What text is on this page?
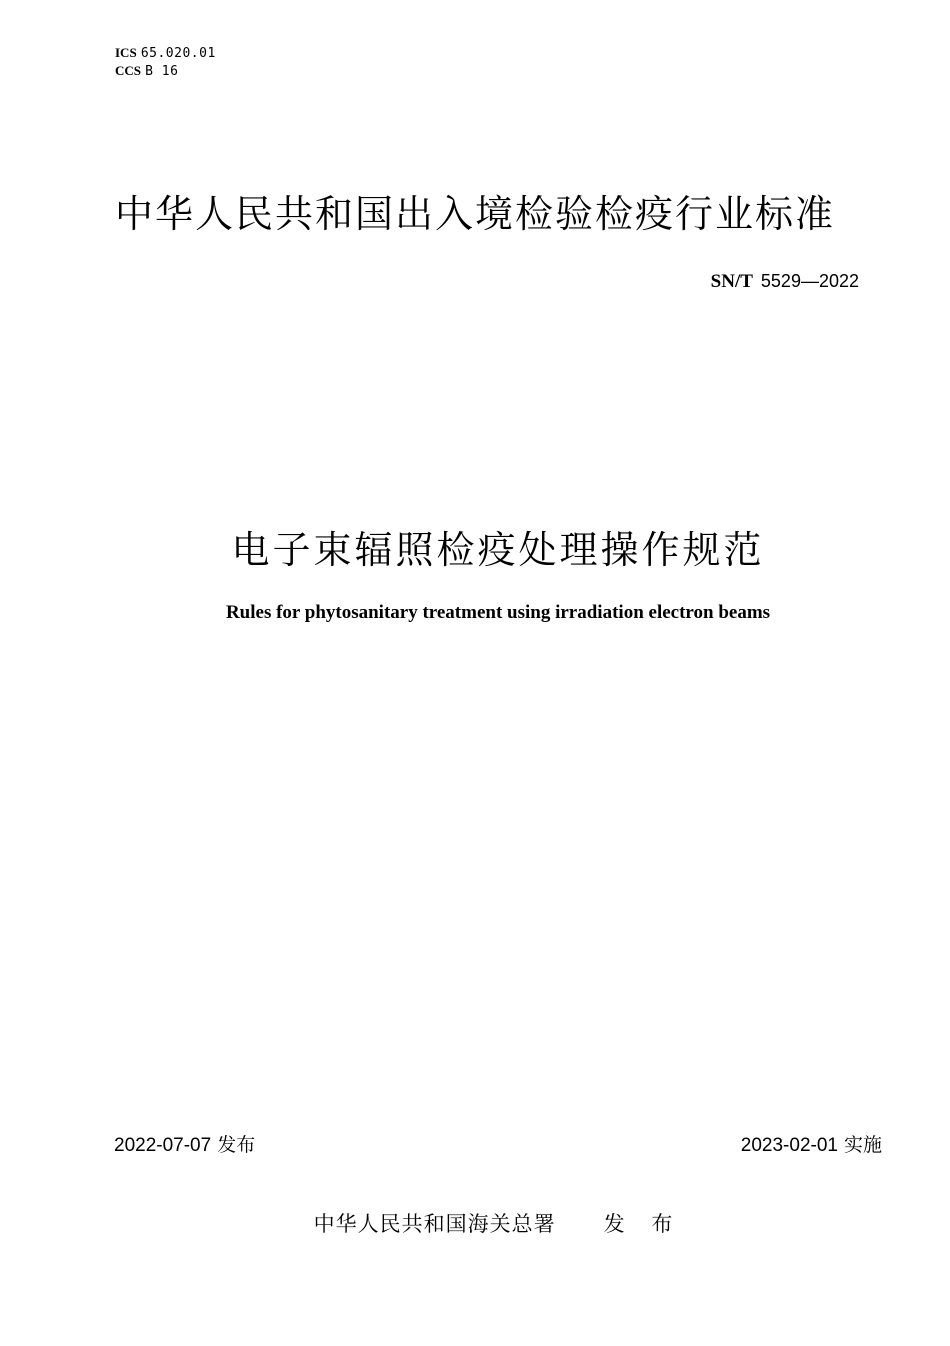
ICS 65.020.01
CCS B 16
中华人民共和国出入境检验检疫行业标准
SN/T 5529—2022
电子束辐照检疫处理操作规范
Rules for phytosanitary treatment using irradiation electron beams
2022-07-07 发布	2023-02-01 实施
中华人民共和国海关总署 发 布
